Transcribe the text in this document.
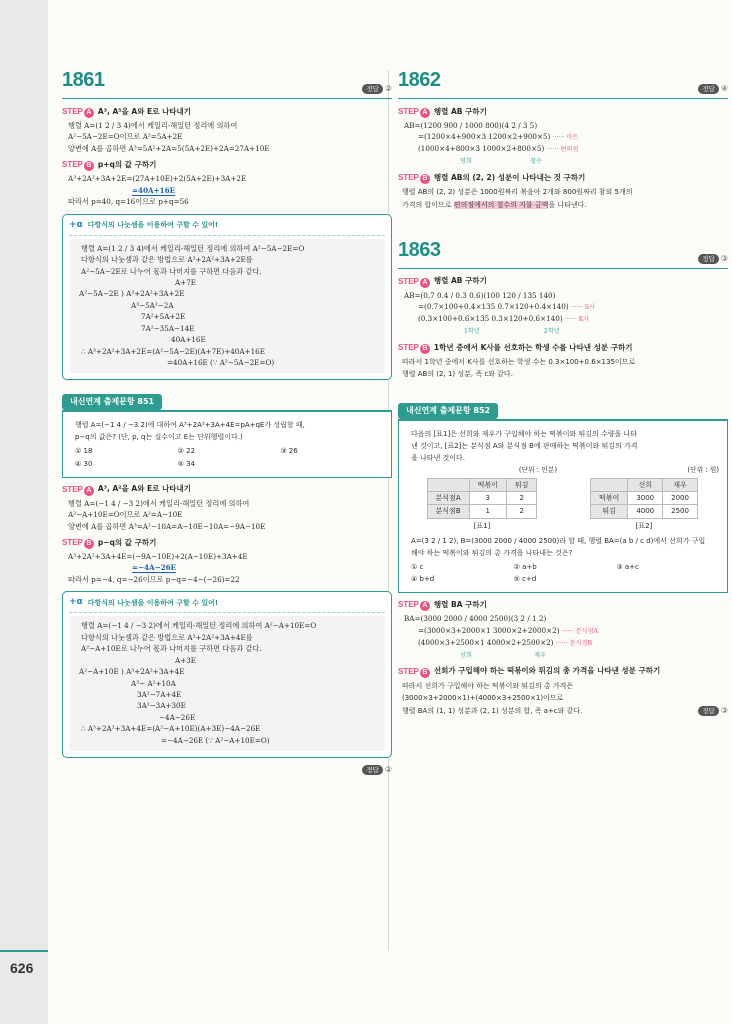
1861	정답 ②
STEP A A³, A⁵을 A와 E로 나타내기
행렬 A=(1 2 / 3 4)에서 케일리-해밀턴 정리에 의하여
A²−5A−2E=O이므로 A²=5A+2E
양변에 A를 곱하면 A³=5A²+2A=5(5A+2E)+2A=27A+10E
STEP B p+q의 값 구하기
A³+2A²+3A+2E=(27A+10E)+2(5A+2E)+3A+2E
=40A+16E
따라서 p=40, q=16이므로 p+q=56
+α 다항식의 나눗셈을 이용하여 구할 수 있어!
행렬 A=(1 2 / 3 4)에서 케일리-해밀턴 정리에 의하여 A²−5A−2E=O
다항식의 나눗셈과 같은 방법으로 A³+2A²+3A+2E를
A²−5A−2E로 나누어 몫과 나머지를 구하면 다음과 같다.
A+7E
A²−5A−2E ) A³+2A²+3A+2E
A³−5A²−2A
7A²+5A+2E
7A²−35A−14E
40A+16E
∴ A³+2A²+3A+2E=(A²−5A−2E)(A+7E)+40A+16E
=40A+16E (∵ A²−5A−2E=O)
내신연계 출제문항 851

행렬 A=(−1 4 / −3 2)에 대하여 A³+2A²+3A+4E=pA+qE가 성립할 때,

p−q의 값은? (단, p, q는 실수이고 E는 단위행렬이다.)

① 18	② 22	③ 26
④ 30	⑤ 34
STEP A A³, A²을 A와 E로 나타내기
행렬 A=(−1 4 / −3 2)에서 케일리-해밀턴 정리에 의하여
A²−A+10E=O이므로 A²=A−10E
양변에 A를 곱하면 A³=A²−10A=A−10E−10A=−9A−10E
STEP B p−q의 값 구하기
A³+2A²+3A+4E=(−9A−10E)+2(A−10E)+3A+4E
=−4A−26E
따라서 p=−4, q=−26이므로 p−q=−4−(−26)=22
+α 다항식의 나눗셈을 이용하여 구할 수 있어!
행렬 A=(−1 4 / −3 2)에서 케일리-해밀턴 정리에 의하여 A²−A+10E=O
다항식의 나눗셈과 같은 방법으로 A³+2A²+3A+4E를
A²−A+10E로 나누어 몫과 나머지를 구하면 다음과 같다.
A+3E
A²−A+10E ) A³+2A²+3A+4E
A³− A²+10A
3A²−7A+4E
3A²−3A+30E
−4A−26E
∴ A³+2A²+3A+4E=(A²−A+10E)(A+3E)−4A−26E
=−4A−26E (∵ A²−A+10E=O)
정답 ②
1862	정답 ④
STEP A 행렬 AB 구하기
AB=(1200 900 / 1000 800)(4 2 / 3 5)
=(1200×4+900×3 1200×2+900×5) ······ 마트
(1000×4+800×3 1000×2+800×5) ······ 편의점
영희	철수
STEP B 행렬 AB의 (2, 2) 성분이 나타내는 것 구하기

행렬 AB의 (2, 2) 성분은 1000원짜리 볶음아 2개와 800원짜리 참외 5개의

가격의 합이므로 편의점에서의 철수의 지불 금액을 나타낸다.

1863	정답 ③
STEP A 행렬 AB 구하기
AB=(0.7 0.4 / 0.3 0.6)(100 120 / 135 140)
=(0.7×100+0.4×135 0.7×120+0.4×140) ······ S사
(0.3×100+0.6×135 0.3×120+0.6×140) ······ K사
1학년	2학년
STEP B 1학년 중에서 K사를 선호하는 학생 수를 나타낸 성분 구하기

따라서 1학년 중에서 K사를 선호하는 학생 수는 0.3×100+0.6×135이므로

행렬 AB의 (2, 1) 성분, 즉 c와 같다.

내신연계 출제문항 852

다음의 [표1]은 선희와 재우가 구입해야 하는 떡볶이와 튀김의 수량을 나타

낸 것이고, [표2]는 분식점 A와 분식점 B에 판매하는 떡볶이와 튀김의 가격

을 나타낸 것이다.

(단위 : 인분)
	떡볶이	튀김
분식점A	3	2
분식점B	1	2
[표1]
(단위 : 원)
	선희	재우
떡볶이	3000	2000
튀김	4000	2500
[표2]

A=(3 2 / 1 2), B=(3000 2000 / 4000 2500)라 할 때, 행렬 BA=(a b / c d)에서 선희가 구입

해야 하는 떡볶이와 튀김의 총 가격을 나타내는 것은?

① c	② a+b	③ a+c
④ b+d	⑤ c+d
STEP A 행렬 BA 구하기
BA=(3000 2000 / 4000 2500)(3 2 / 1 2)
=(3000×3+2000×1 3000×2+2000×2) ······ 분식점A
(4000×3+2500×1 4000×2+2500×2) ······ 분식점B
선희	재우
STEP B 선희가 구입해야 하는 떡볶이와 튀김의 총 가격을 나타낸 성분 구하기

따라서 선희가 구입해야 하는 떡볶이와 튀김의 총 가격은

(3000×3+2000×1)+(4000×3+2500×1)이므로

행렬 BA의 (1, 1) 성분과 (2, 1) 성분의 합, 즉 a+c와 같다.	정답 ③

626
